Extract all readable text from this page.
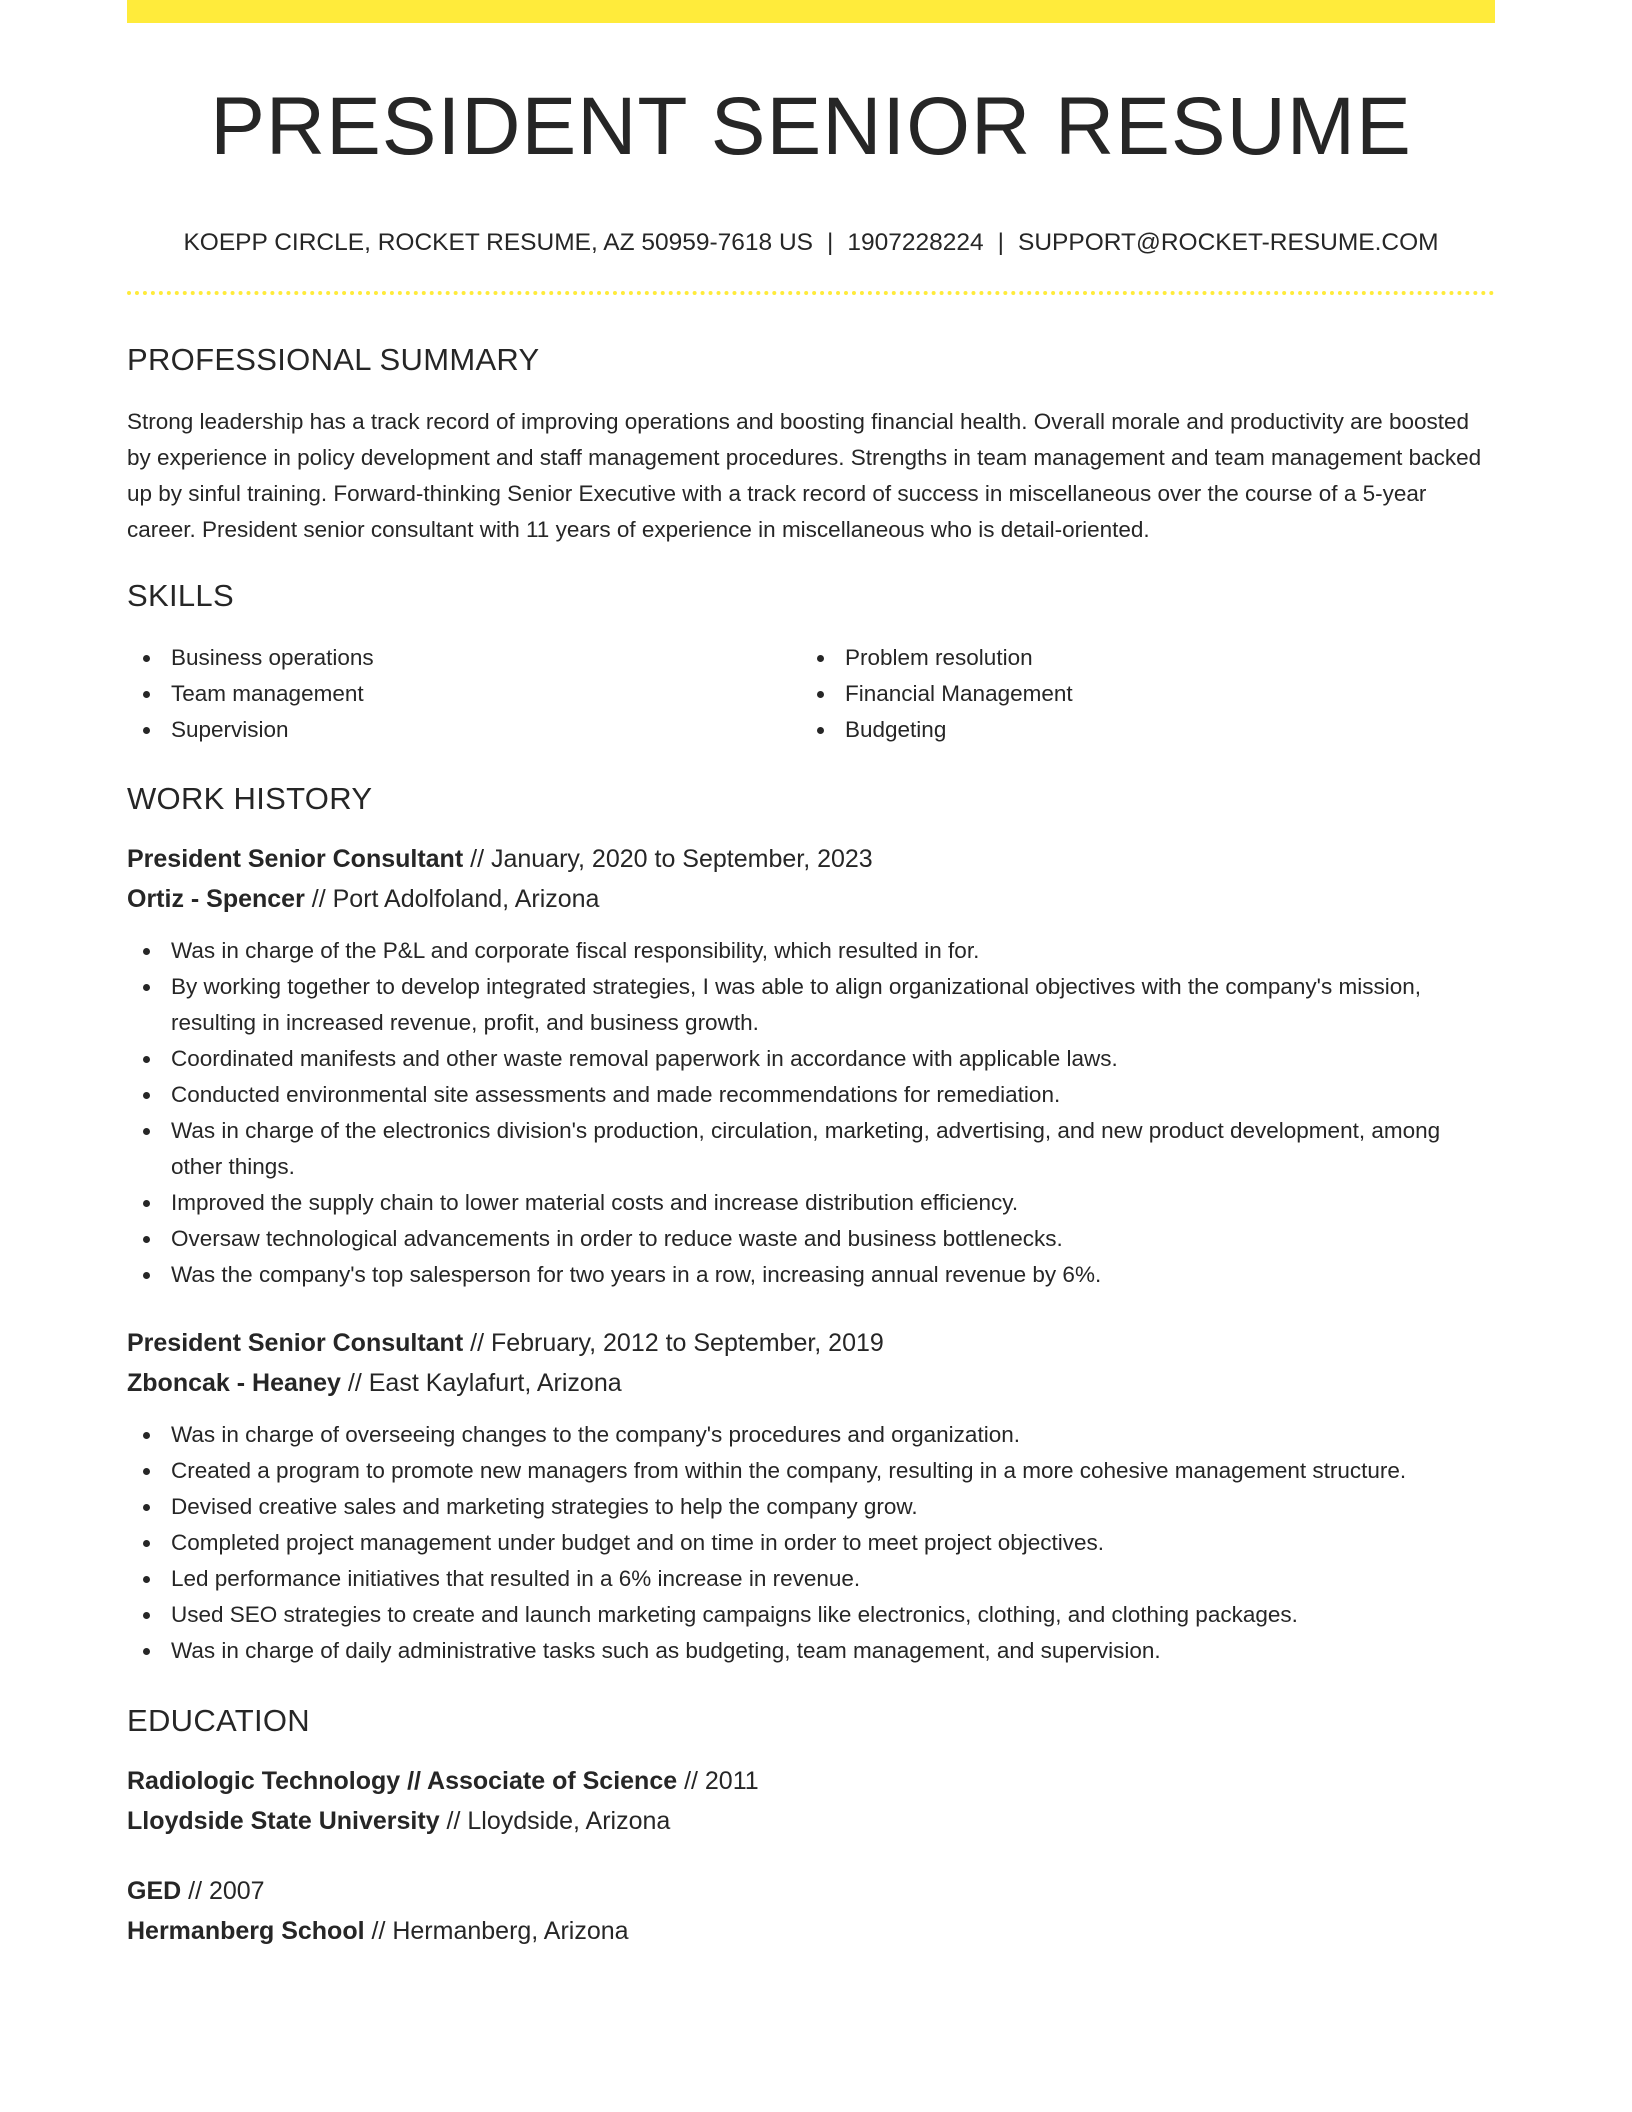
PRESIDENT SENIOR RESUME
KOEPP CIRCLE, ROCKET RESUME, AZ 50959-7618 US | 1907228224 | SUPPORT@ROCKET-RESUME.COM
PROFESSIONAL SUMMARY

Strong leadership has a track record of improving operations and boosting financial health. Overall morale and productivity are boosted by experience in policy development and staff management procedures. Strengths in team management and team management backed up by sinful training. Forward-thinking Senior Executive with a track record of success in miscellaneous over the course of a 5-year career. President senior consultant with 11 years of experience in miscellaneous who is detail-oriented.

SKILLS
Business operations
Team management
Supervision
Problem resolution
Financial Management
Budgeting
WORK HISTORY
President Senior Consultant // January, 2020 to September, 2023
Ortiz - Spencer // Port Adolfoland, Arizona
Was in charge of the P&L and corporate fiscal responsibility, which resulted in for.
By working together to develop integrated strategies, I was able to align organizational objectives with the company's mission, resulting in increased revenue, profit, and business growth.
Coordinated manifests and other waste removal paperwork in accordance with applicable laws.
Conducted environmental site assessments and made recommendations for remediation.
Was in charge of the electronics division's production, circulation, marketing, advertising, and new product development, among other things.
Improved the supply chain to lower material costs and increase distribution efficiency.
Oversaw technological advancements in order to reduce waste and business bottlenecks.
Was the company's top salesperson for two years in a row, increasing annual revenue by 6%.
President Senior Consultant // February, 2012 to September, 2019
Zboncak - Heaney // East Kaylafurt, Arizona
Was in charge of overseeing changes to the company's procedures and organization.
Created a program to promote new managers from within the company, resulting in a more cohesive management structure.
Devised creative sales and marketing strategies to help the company grow.
Completed project management under budget and on time in order to meet project objectives.
Led performance initiatives that resulted in a 6% increase in revenue.
Used SEO strategies to create and launch marketing campaigns like electronics, clothing, and clothing packages.
Was in charge of daily administrative tasks such as budgeting, team management, and supervision.
EDUCATION
Radiologic Technology // Associate of Science // 2011
Lloydside State University // Lloydside, Arizona
GED // 2007
Hermanberg School // Hermanberg, Arizona
